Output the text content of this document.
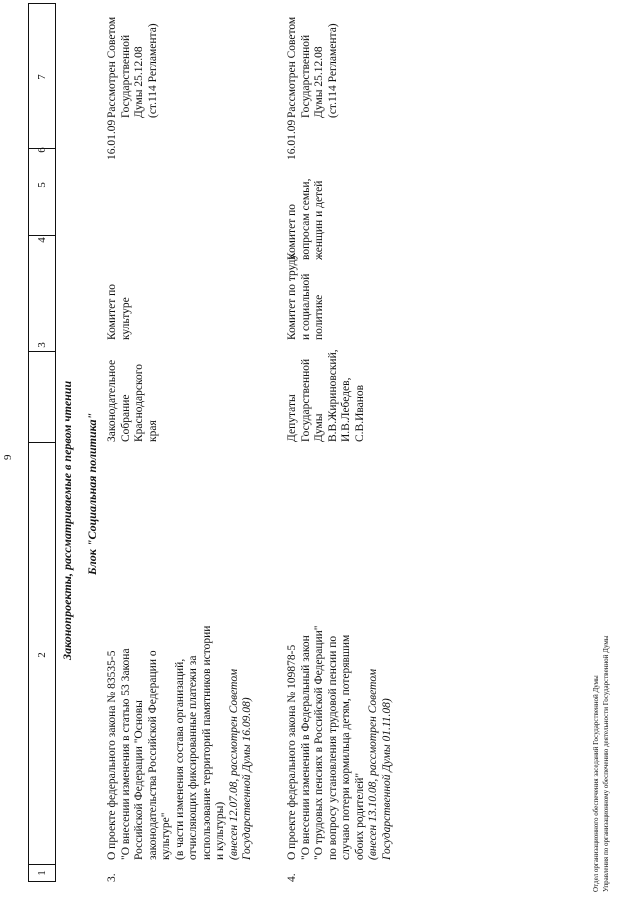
9
1
2
3
4
5
6
7
Законопроекты, рассматриваемые в первом чтении Блок "Социальная политика"
3.
О проекте федерального закона № 83535-5 "О внесении изменения в статью 53 Закона Российской Федерации "Основы законодательства Российской Федерации о культуре" (в части изменения состава организаций, отчисляющих фиксированные платежи за использование территорий памятников истории и культуры) (внесен 12.07.08, рассмотрен Советом Государственной Думы 16.09.08)
Законодательное Собрание Краснодарского края
Комитет по культуре
16.01.09
Рассмотрен Советом Государственной Думы 25.12.08 (ст.114 Регламента)
4.
О проекте федерального закона № 109878-5 "О внесении изменений в Федеральный закон "О трудовых пенсиях в Российской Федерации" по вопросу установления трудовой пенсии по случаю потери кормильца детям, потерявшим обоих родителей" (внесен 13.10.08, рассмотрен Советом Государственной Думы 01.11.08)
Депутаты Государственной Думы В.В.Жириновский, И.В.Лебедев, С.В.Иванов
Комитет по труду и социальной политике
Комитет по вопросам семьи, женщин и детей
16.01.09
Рассмотрен Советом Государственной Думы 25.12.08 (ст.114 Регламента)
Отдел организационного обеспечения заседаний Государственной Думы Управления по организационному обеспечению деятельности Государственной Думы
